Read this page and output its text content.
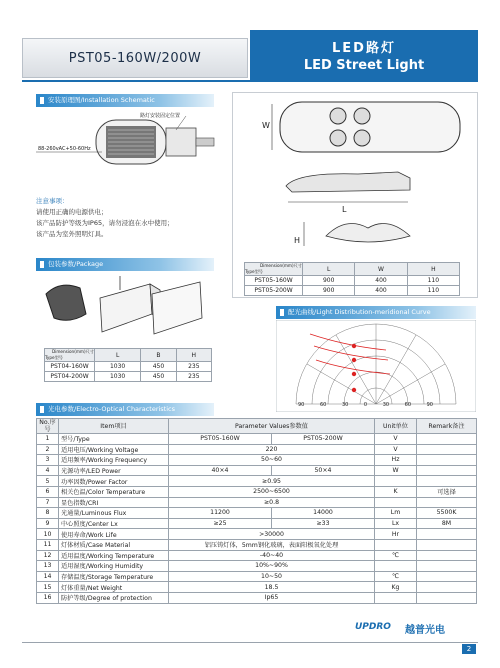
PST05-160W/200W
LED路灯
LED Street Light
安装原理图/Installation Schematic
路灯安装固定位置
88-260vAC+50-60Hz
注意事项：
请使用正确的电源供电；
该产品防护等级为IP65，请勿浸泡在水中使用；
该产品为室外照明灯具。
W
L
H
Dimension(mm)尺寸
Type型号	L	W	H
PST05-160W	900	400	110
PST05-200W	900	400	110
包装参数/Package
Dimension(mm)尺寸
Type型号	L	B	H
PST04-160W	1030	450	235
PST04-200W	1030	450	235
配光曲线/Light Distribution-meridional Curve
90	60	30	0	30	60	90
光电参数/Electro-Optical Characteristics
No.序号	Item项目	Parameter Values参数值		Unit单位	Remark备注
1	型号/Type	PST05-160W	PST05-200W	V	
2	适用电压/Working Voltage	220		V	
3	适用频率/Working Frequency	50~60		Hz	
4	光源功率/LED Power	40×4	50×4	W	
5	功率因数/Power Factor	≥0.95			
6	相关色温/Color Temperature	2500~6500		K	可选择
7	显色指数/CRI	≥0.8			
8	光通量/Luminous Flux	11200	14000	Lm	5500K
9	中心照度/Center Lx	≥25	≥33	Lx	8M
10	使用寿命/Work Life	>30000		Hr	
11	灯体材质/Case Material	铝压铸灯体，5mm钢化玻璃，表面阳极氧化处理			
12	适用温度/Working Temperature	-40~40		℃	
13	适用湿度/Working Humidity	10%~90%			
14	存储温度/Storage Temperature	10~50		℃	
15	灯体重量/Net Weight	18.5		Kg	
16	防护等级/Degree of protection	Ip65			
UPDRO 越普光电
2
